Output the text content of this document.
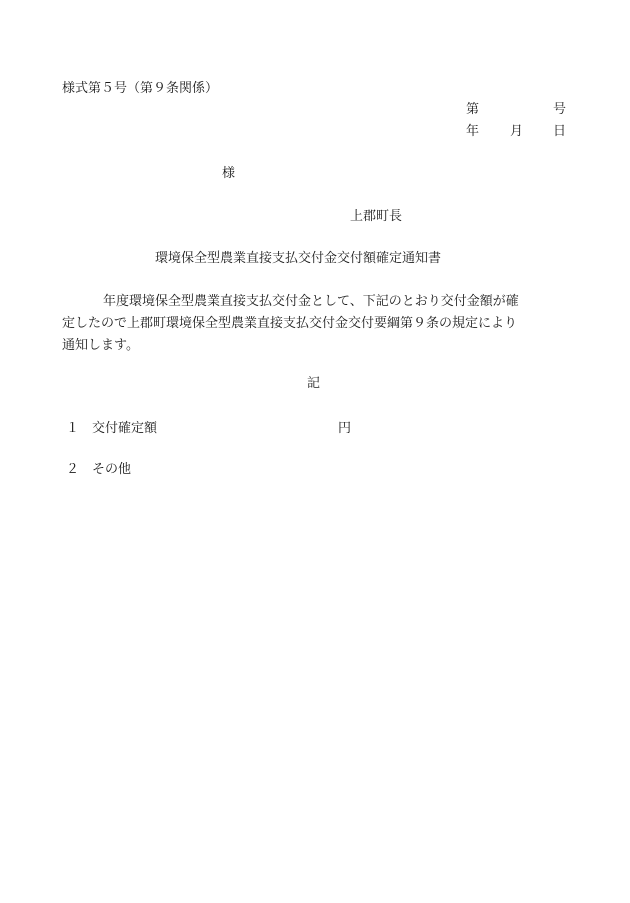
様式第５号（第９条関係）
第	号
年 月 日
様
上郡町長
環境保全型農業直接支払交付金交付額確定通知書
年度環境保全型農業直接支払交付金として、下記のとおり交付金額が確
定したので上郡町環境保全型農業直接支払交付金交付要綱第９条の規定により
通知します。
記
１ 交付確定額	円
２ その他
